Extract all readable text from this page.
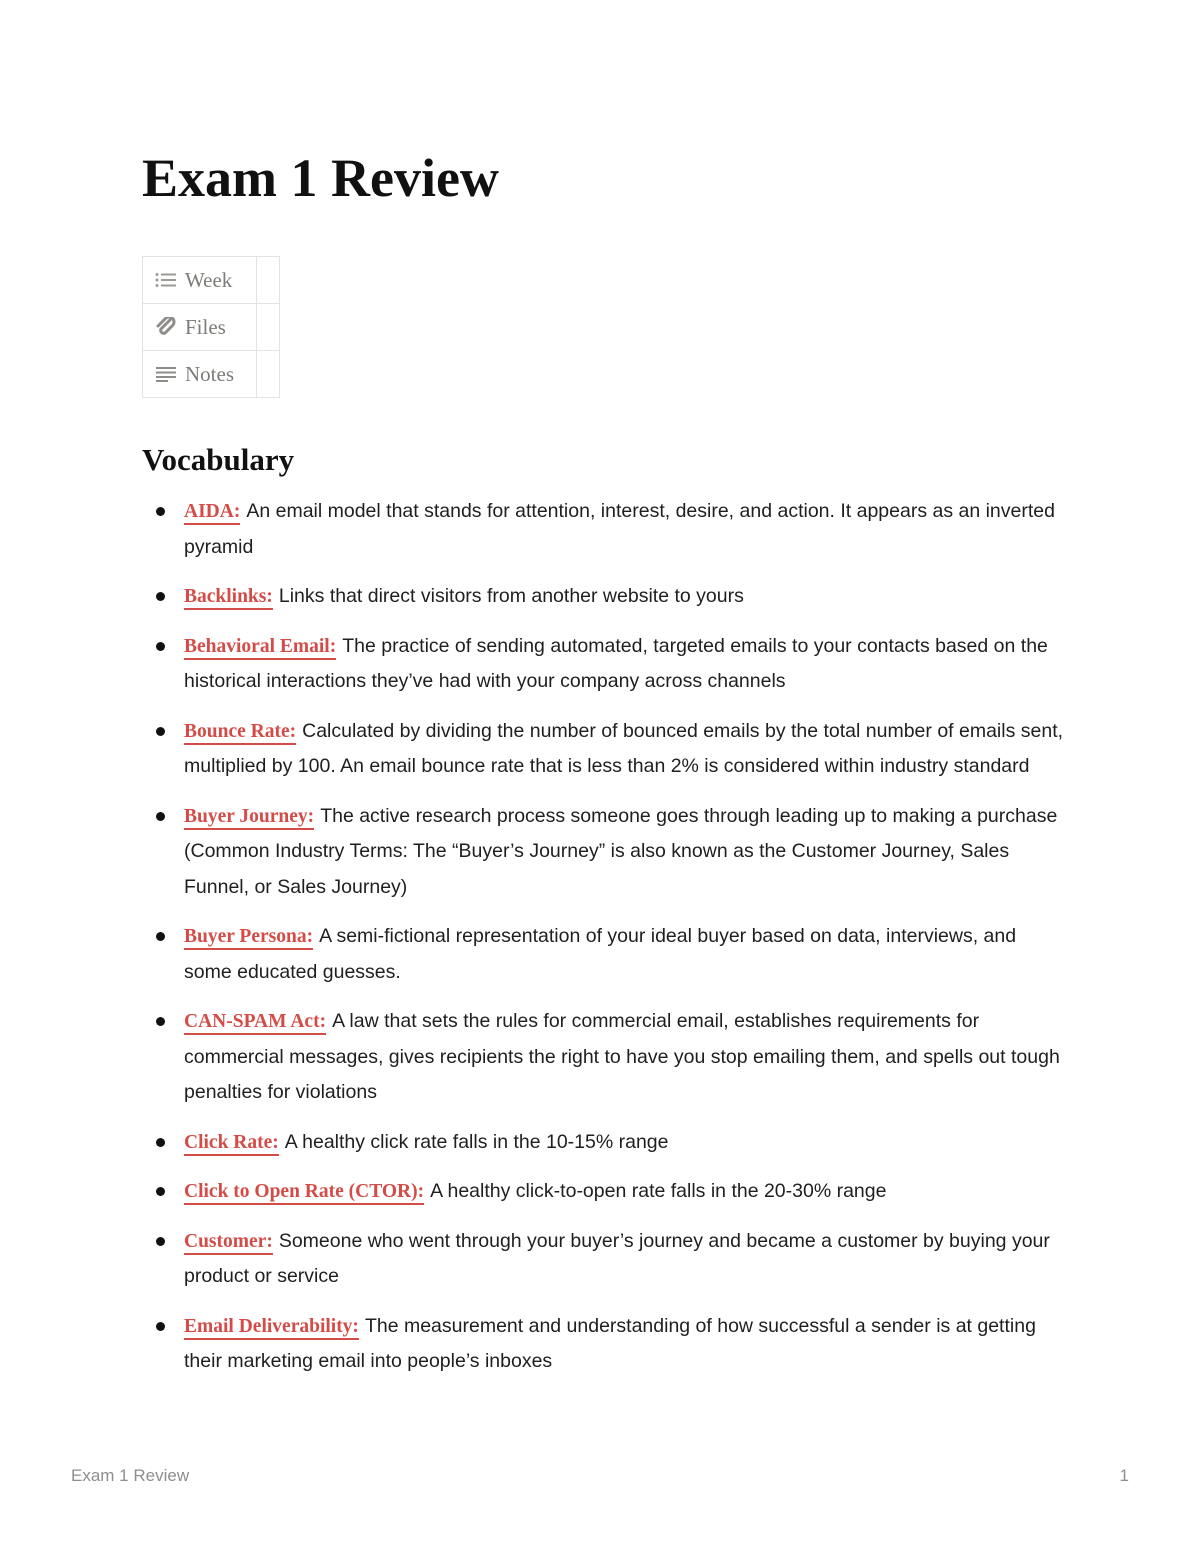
Exam 1 Review
Week	

Files	

Notes	

Vocabulary
AIDA: An email model that stands for attention, interest, desire, and action. It appears as an inverted pyramid
Backlinks: Links that direct visitors from another website to yours
Behavioral Email: The practice of sending automated, targeted emails to your contacts based on the historical interactions they’ve had with your company across channels
Bounce Rate: Calculated by dividing the number of bounced emails by the total number of emails sent, multiplied by 100. An email bounce rate that is less than 2% is considered within industry standard
Buyer Journey: The active research process someone goes through leading up to making a purchase (Common Industry Terms: The “Buyer’s Journey” is also known as the Customer Journey, Sales Funnel, or Sales Journey)
Buyer Persona: A semi-fictional representation of your ideal buyer based on data, interviews, and some educated guesses.
CAN-SPAM Act: A law that sets the rules for commercial email, establishes requirements for commercial messages, gives recipients the right to have you stop emailing them, and spells out tough penalties for violations
Click Rate: A healthy click rate falls in the 10-15% range
Click to Open Rate (CTOR): A healthy click-to-open rate falls in the 20-30% range
Customer: Someone who went through your buyer’s journey and became a customer by buying your product or service
Email Deliverability: The measurement and understanding of how successful a sender is at getting their marketing email into people’s inboxes
Exam 1 Review	1
